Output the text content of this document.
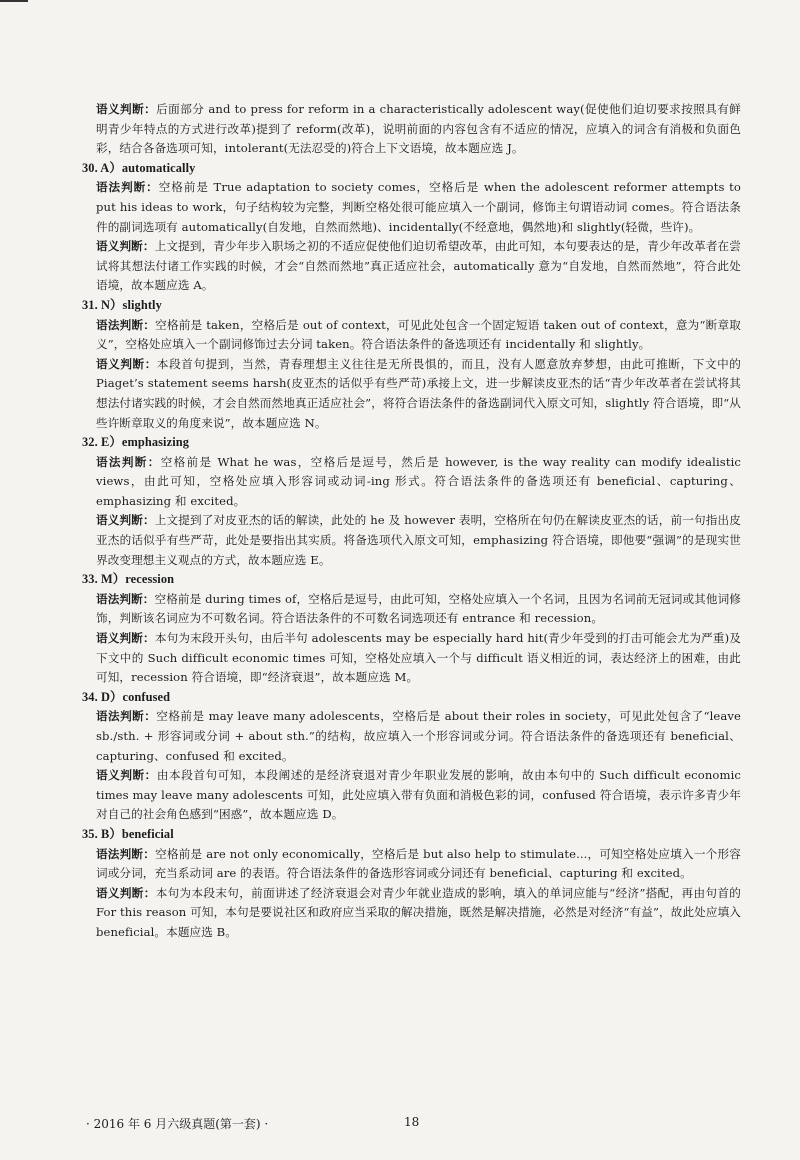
语义判断：后面部分 and to press for reform in a characteristically adolescent way(促使他们迫切要求按照具有鲜明青少年特点的方式进行改革)提到了 reform(改革)，说明前面的内容包含有不适应的情况，应填入的词含有消极和负面色彩，结合各备选项可知，intolerant(无法忍受的)符合上下文语境，故本题应选 J。

30. A）automatically

语法判断：空格前是 True adaptation to society comes，空格后是 when the adolescent reformer attempts to put his ideas to work，句子结构较为完整，判断空格处很可能应填入一个副词，修饰主句谓语动词 comes。符合语法条件的副词选项有 automatically(自发地，自然而然地)、incidentally(不经意地，偶然地)和 slightly(轻微，些许)。

语义判断：上文提到，青少年步入职场之初的不适应促使他们迫切希望改革，由此可知，本句要表达的是，青少年改革者在尝试将其想法付诸工作实践的时候，才会“自然而然地”真正适应社会，automatically 意为“自发地，自然而然地”，符合此处语境，故本题应选 A。

31. N）slightly

语法判断：空格前是 taken，空格后是 out of context，可见此处包含一个固定短语 taken out of context，意为“断章取义”，空格处应填入一个副词修饰过去分词 taken。符合语法条件的备选项还有 incidentally 和 slightly。

语义判断：本段首句提到，当然，青春理想主义往往是无所畏惧的，而且，没有人愿意放弃梦想，由此可推断，下文中的 Piaget’s statement seems harsh(皮亚杰的话似乎有些严苛)承接上文，进一步解读皮亚杰的话“青少年改革者在尝试将其想法付诸实践的时候，才会自然而然地真正适应社会”，将符合语法条件的备选副词代入原文可知，slightly 符合语境，即“从些许断章取义的角度来说”，故本题应选 N。

32. E）emphasizing

语法判断：空格前是 What he was，空格后是逗号，然后是 however, is the way reality can modify idealistic views，由此可知，空格处应填入形容词或动词-ing 形式。符合语法条件的备选项还有 beneficial、capturing、emphasizing 和 excited。

语义判断：上文提到了对皮亚杰的话的解读，此处的 he 及 however 表明，空格所在句仍在解读皮亚杰的话，前一句指出皮亚杰的话似乎有些严苛，此处是要指出其实质。将备选项代入原文可知，emphasizing 符合语境，即他要“强调”的是现实世界改变理想主义观点的方式，故本题应选 E。

33. M）recession

语法判断：空格前是 during times of，空格后是逗号，由此可知，空格处应填入一个名词，且因为名词前无冠词或其他词修饰，判断该名词应为不可数名词。符合语法条件的不可数名词选项还有 entrance 和 recession。

语义判断：本句为末段开头句，由后半句 adolescents may be especially hard hit(青少年受到的打击可能会尤为严重)及下文中的 Such difficult economic times 可知，空格处应填入一个与 difficult 语义相近的词，表达经济上的困难，由此可知，recession 符合语境，即“经济衰退”，故本题应选 M。

34. D）confused

语法判断：空格前是 may leave many adolescents，空格后是 about their roles in society，可见此处包含了“leave sb./sth. + 形容词或分词 + about sth.”的结构，故应填入一个形容词或分词。符合语法条件的备选项还有 beneficial、capturing、confused 和 excited。

语义判断：由本段首句可知，本段阐述的是经济衰退对青少年职业发展的影响，故由本句中的 Such difficult economic times may leave many adolescents 可知，此处应填入带有负面和消极色彩的词，confused 符合语境，表示许多青少年对自己的社会角色感到“困惑”，故本题应选 D。

35. B）beneficial

语法判断：空格前是 are not only economically，空格后是 but also help to stimulate...，可知空格处应填入一个形容词或分词，充当系动词 are 的表语。符合语法条件的备选形容词或分词还有 beneficial、capturing 和 excited。

语义判断：本句为本段末句，前面讲述了经济衰退会对青少年就业造成的影响，填入的单词应能与“经济”搭配，再由句首的 For this reason 可知，本句是要说社区和政府应当采取的解决措施，既然是解决措施，必然是对经济“有益”，故此处应填入 beneficial。本题应选 B。

· 2016 年 6 月六级真题(第一套) ·	18
